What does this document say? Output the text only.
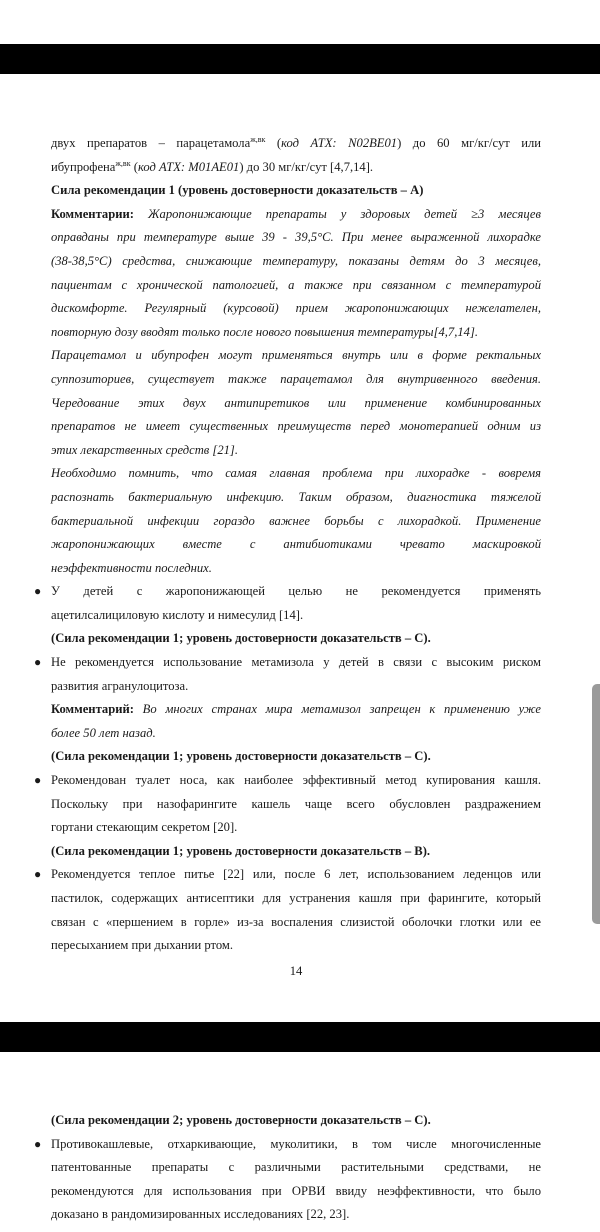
двух препаратов – парацетамола$^{ж,вк}$ (код ATX: N02BE01) до 60 мг/кг/сут или
ибупрофена$^{ж,вк}$ (код ATX: M01AE01) до 30 мг/кг/сут [4,7,14].
Сила рекомендации 1 (уровень достоверности доказательств – А)
Комментарии: Жаропонижающие препараты у здоровых детей ≥3 месяцев
оправданы при температуре выше 39 - 39,5°С. При менее выраженной лихорадке
(38-38,5°С) средства, снижающие температуру, показаны детям до 3 месяцев,
пациентам с хронической патологией, а также при связанном с температурой
дискомфорте. Регулярный (курсовой) прием жаропонижающих нежелателен,
повторную дозу вводят только после нового повышения температуры[4,7,14].
Парацетамол и ибупрофен могут применяться внутрь или в форме ректальных
суппозиториев, существует также парацетамол для внутривенного введения.
Чередование этих двух антипиретиков или применение комбинированных
препаратов не имеет существенных преимуществ перед монотерапией одним из
этих лекарственных средств [21].
Необходимо помнить, что самая главная проблема при лихорадке - вовремя
распознать бактериальную инфекцию. Таким образом, диагностика тяжелой
бактериальной инфекции гораздо важнее борьбы с лихорадкой. Применение
жаропонижающих вместе с антибиотиками чревато маскировкой
неэффективности последних.
● У детей с жаропонижающей целью не рекомендуется применять
ацетилсалициловую кислоту и нимесулид [14].
(Сила рекомендации 1; уровень достоверности доказательств – С).
● Не рекомендуется использование метамизола у детей в связи с высоким риском
развития агранулоцитоза.
Комментарий: Во многих странах мира метамизол запрещен к применению уже
более 50 лет назад.
(Сила рекомендации 1; уровень достоверности доказательств – С).
● Рекомендован туалет носа, как наиболее эффективный метод купирования кашля.
Поскольку при назофарингите кашель чаще всего обусловлен раздражением
гортани стекающим секретом [20].
(Сила рекомендации 1; уровень достоверности доказательств – В).
● Рекомендуется теплое питье [22] или, после 6 лет, использованием леденцов или
пастилок, содержащих антисептики для устранения кашля при фарингите, который
связан с «першением в горле» из-за воспаления слизистой оболочки глотки или ее
пересыханием при дыхании ртом.
14
(Сила рекомендации 2; уровень достоверности доказательств – С).
● Противокашлевые, отхаркивающие, муколитики, в том числе многочисленные
патентованные препараты с различными растительными средствами, не
рекомендуются для использования при ОРВИ ввиду неэффективности, что было
доказано в рандомизированных исследованиях [22, 23].
